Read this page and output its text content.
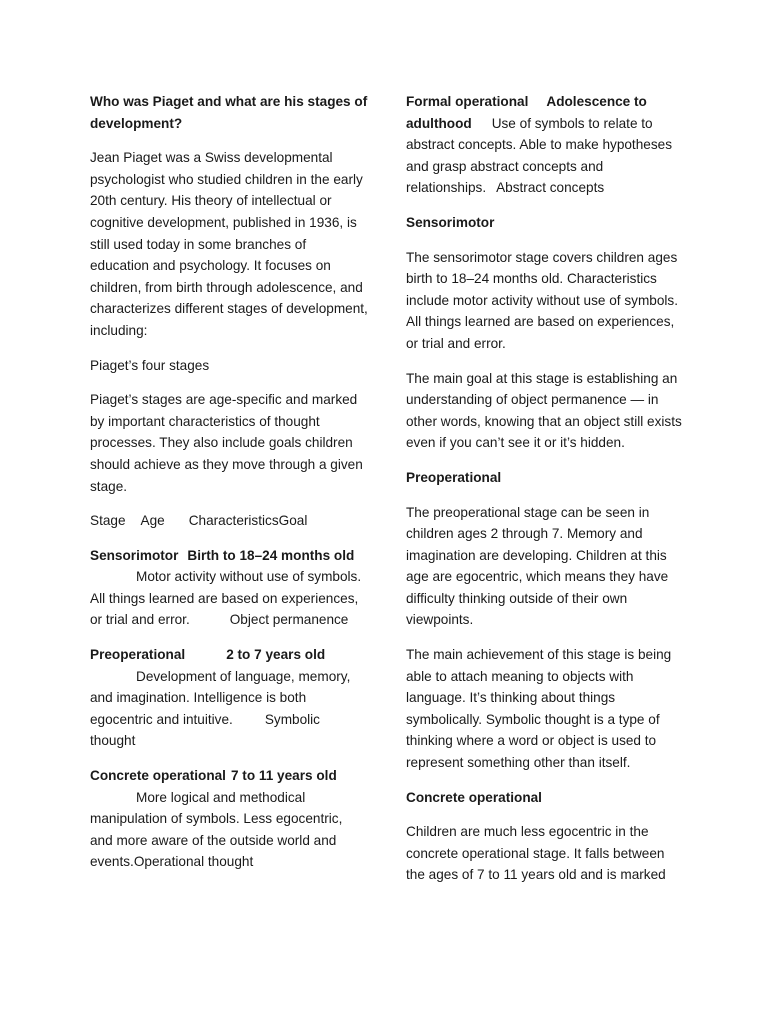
Who was Piaget and what are his stages of development?

Jean Piaget was a Swiss developmental psychologist who studied children in the early 20th century. His theory of intellectual or cognitive development, published in 1936, is still used today in some branches of education and psychology. It focuses on children, from birth through adolescence, and characterizes different stages of development, including:

Piaget’s four stages

Piaget’s stages are age-specific and marked by important characteristics of thought processes. They also include goals children should achieve as they move through a given stage.

Stage Age CharacteristicsGoal

Sensorimotor Birth to 18–24 months old
Motor activity without use of symbols. All things learned are based on experiences, or trial and error.	Object permanence

Preoperational	2 to 7 years old
Development of language, memory, and imagination. Intelligence is both egocentric and intuitive. Symbolic thought

Concrete operational 7 to 11 years old
More logical and methodical manipulation of symbols. Less egocentric, and more aware of the outside world and events.Operational thought

Formal operational Adolescence to adulthood Use of symbols to relate to abstract concepts. Able to make hypotheses and grasp abstract concepts and relationships. Abstract concepts

Sensorimotor

The sensorimotor stage covers children ages birth to 18–24 months old. Characteristics include motor activity without use of symbols. All things learned are based on experiences, or trial and error.

The main goal at this stage is establishing an understanding of object permanence — in other words, knowing that an object still exists even if you can’t see it or it’s hidden.

Preoperational

The preoperational stage can be seen in children ages 2 through 7. Memory and imagination are developing. Children at this age are egocentric, which means they have difficulty thinking outside of their own viewpoints.

The main achievement of this stage is being able to attach meaning to objects with language. It’s thinking about things symbolically. Symbolic thought is a type of thinking where a word or object is used to represent something other than itself.

Concrete operational

Children are much less egocentric in the concrete operational stage. It falls between the ages of 7 to 11 years old and is marked
